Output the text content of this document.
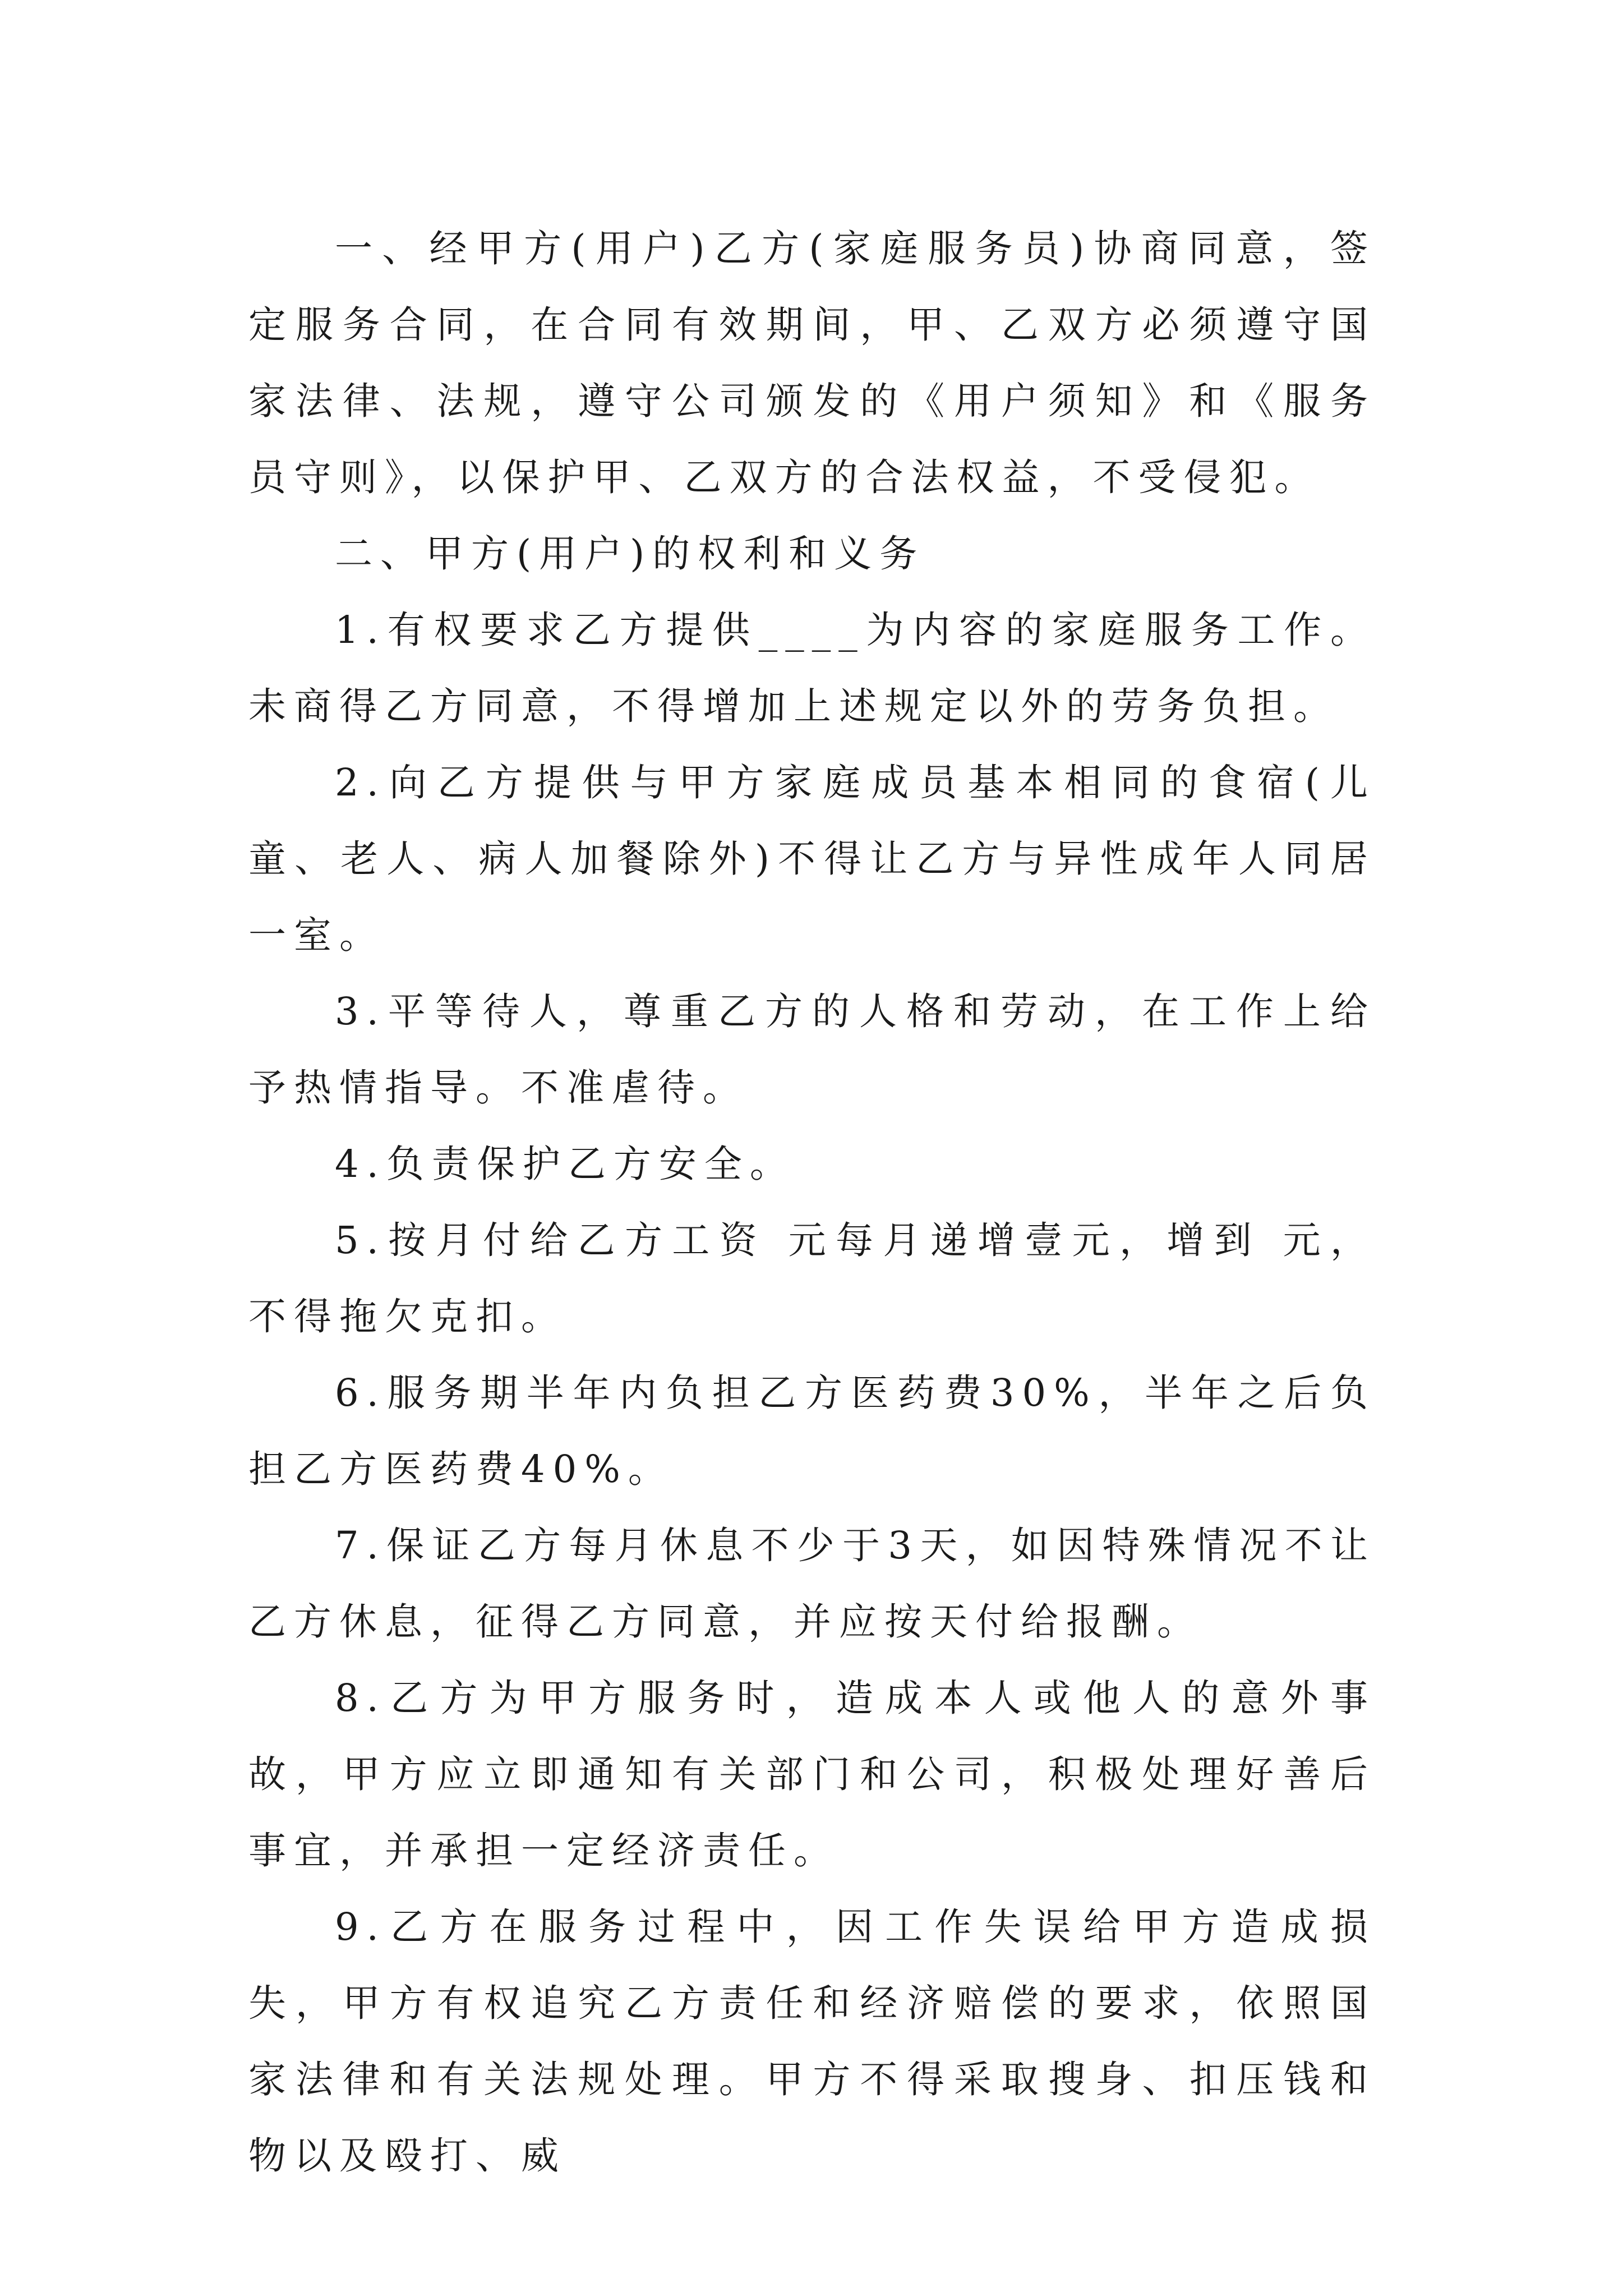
一、经甲方(用户)乙方(家庭服务员)协商同意，签定服务合同，在合同有效期间，甲、乙双方必须遵守国家法律、法规，遵守公司颁发的《用户须知》和《服务员守则》，以保护甲、乙双方的合法权益，不受侵犯。

二、甲方(用户)的权利和义务

1.有权要求乙方提供____为内容的家庭服务工作。未商得乙方同意，不得增加上述规定以外的劳务负担。

2.向乙方提供与甲方家庭成员基本相同的食宿(儿童、老人、病人加餐除外)不得让乙方与异性成年人同居一室。

3.平等待人，尊重乙方的人格和劳动，在工作上给予热情指导。不准虐待。

4.负责保护乙方安全。

5.按月付给乙方工资 元每月递增壹元，增到 元，不得拖欠克扣。

6.服务期半年内负担乙方医药费30%，半年之后负担乙方医药费40%。

7.保证乙方每月休息不少于3天，如因特殊情况不让乙方休息，征得乙方同意，并应按天付给报酬。

8.乙方为甲方服务时，造成本人或他人的意外事故，甲方应立即通知有关部门和公司，积极处理好善后事宜，并承担一定经济责任。

9.乙方在服务过程中，因工作失误给甲方造成损失，甲方有权追究乙方责任和经济赔偿的要求，依照国家法律和有关法规处理。甲方不得采取搜身、扣压钱和物以及殴打、威
